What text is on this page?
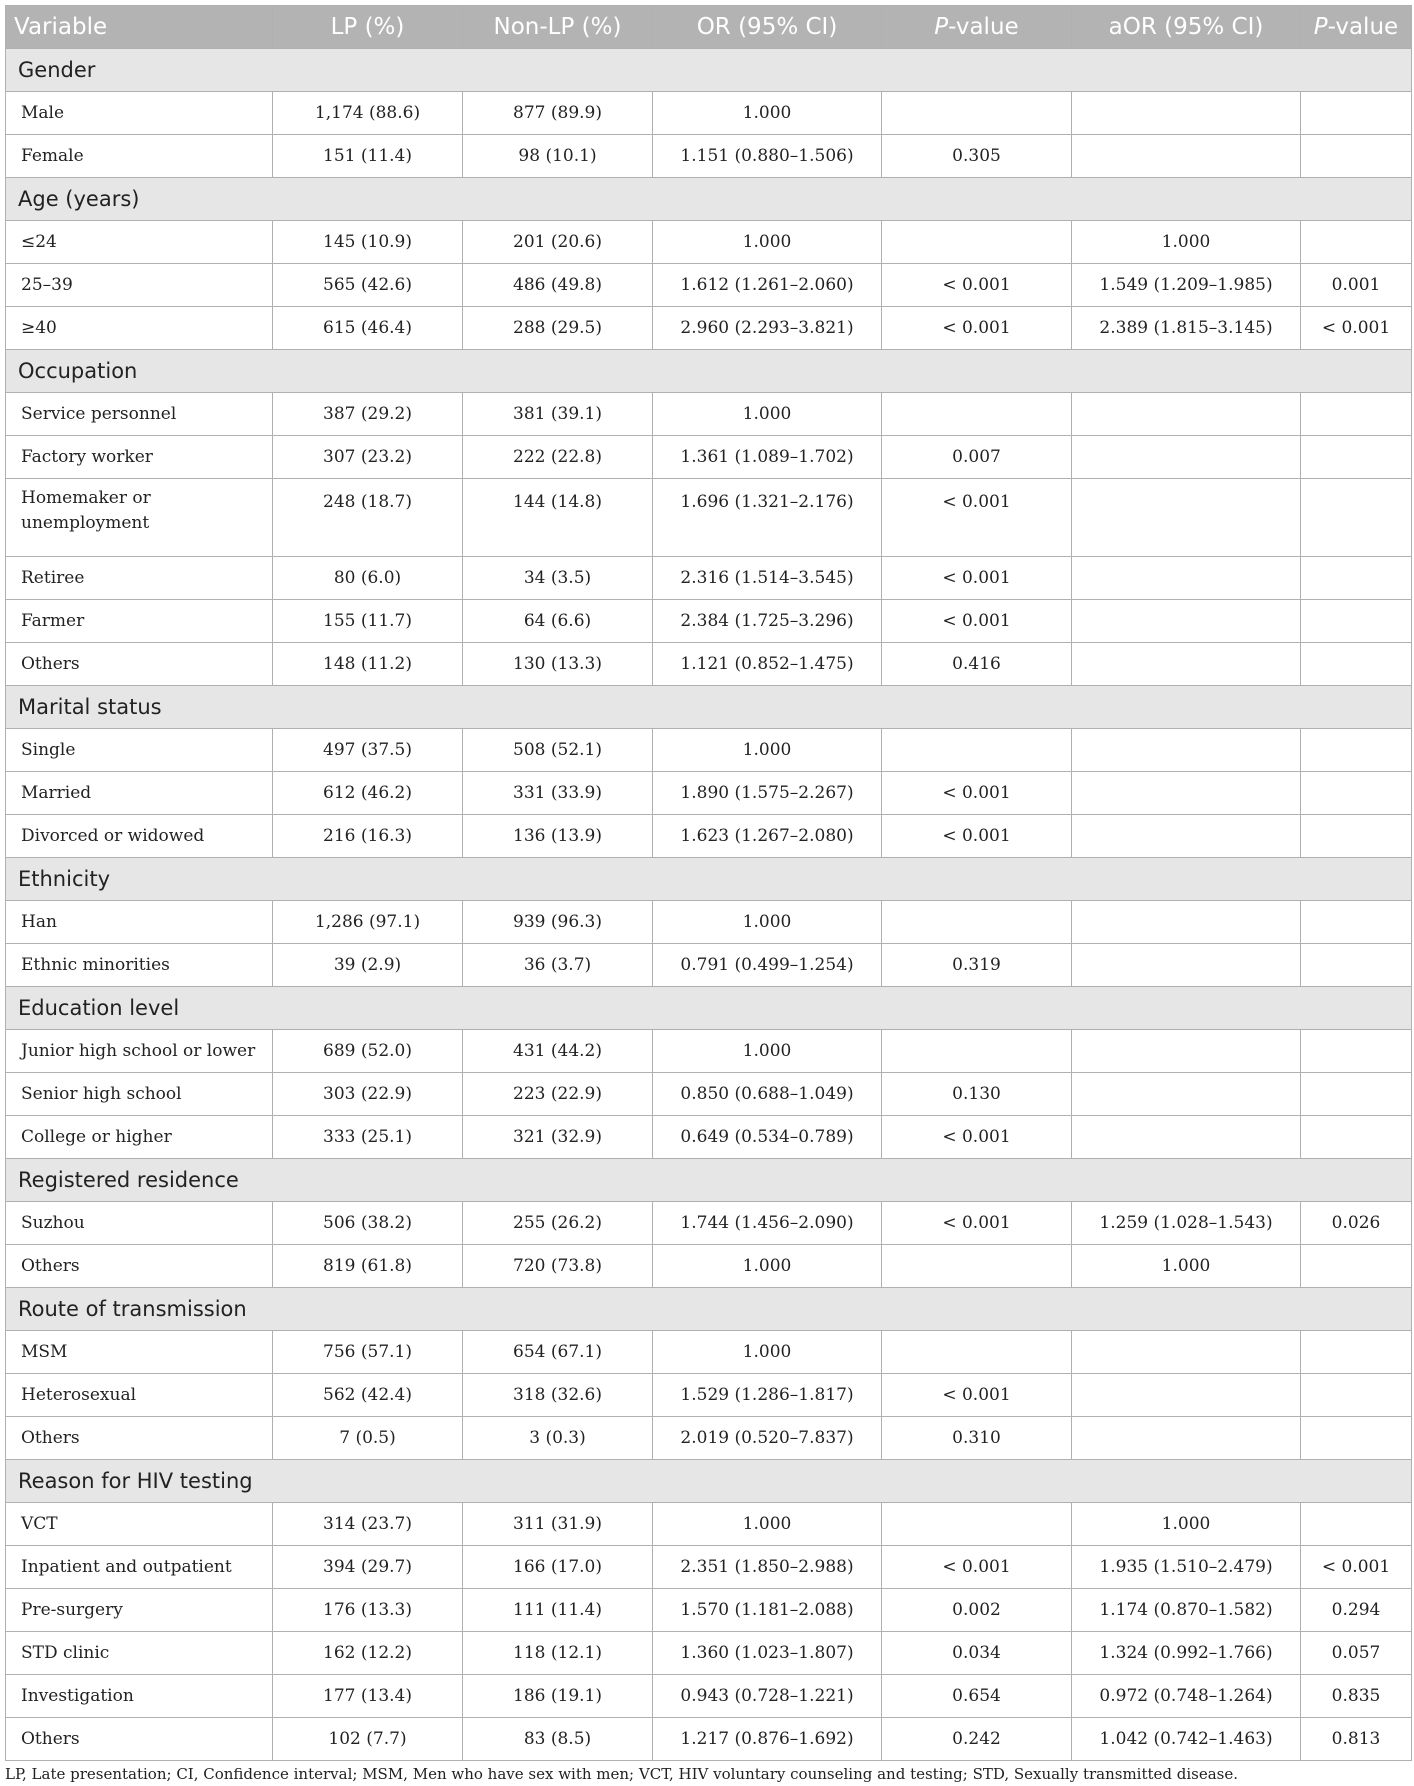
Variable	LP (%)	Non-LP (%)	OR (95% CI)	P-value	aOR (95% CI)	P-value
Gender						
Male	1,174 (88.6)	877 (89.9)	1.000			
Female	151 (11.4)	98 (10.1)	1.151 (0.880–1.506)	0.305		
Age (years)						
≤24	145 (10.9)	201 (20.6)	1.000		1.000	
25–39	565 (42.6)	486 (49.8)	1.612 (1.261–2.060)	< 0.001	1.549 (1.209–1.985)	0.001
≥40	615 (46.4)	288 (29.5)	2.960 (2.293–3.821)	< 0.001	2.389 (1.815–3.145)	< 0.001
Occupation						
Service personnel	387 (29.2)	381 (39.1)	1.000			
Factory worker	307 (23.2)	222 (22.8)	1.361 (1.089–1.702)	0.007		
Homemaker or unemployment	248 (18.7)	144 (14.8)	1.696 (1.321–2.176)	< 0.001		
Retiree	80 (6.0)	34 (3.5)	2.316 (1.514–3.545)	< 0.001		
Farmer	155 (11.7)	64 (6.6)	2.384 (1.725–3.296)	< 0.001		
Others	148 (11.2)	130 (13.3)	1.121 (0.852–1.475)	0.416		
Marital status						
Single	497 (37.5)	508 (52.1)	1.000			
Married	612 (46.2)	331 (33.9)	1.890 (1.575–2.267)	< 0.001		
Divorced or widowed	216 (16.3)	136 (13.9)	1.623 (1.267–2.080)	< 0.001		
Ethnicity						
Han	1,286 (97.1)	939 (96.3)	1.000			
Ethnic minorities	39 (2.9)	36 (3.7)	0.791 (0.499–1.254)	0.319		
Education level						
Junior high school or lower	689 (52.0)	431 (44.2)	1.000			
Senior high school	303 (22.9)	223 (22.9)	0.850 (0.688–1.049)	0.130		
College or higher	333 (25.1)	321 (32.9)	0.649 (0.534–0.789)	< 0.001		
Registered residence						
Suzhou	506 (38.2)	255 (26.2)	1.744 (1.456–2.090)	< 0.001	1.259 (1.028–1.543)	0.026
Others	819 (61.8)	720 (73.8)	1.000		1.000	
Route of transmission						
MSM	756 (57.1)	654 (67.1)	1.000			
Heterosexual	562 (42.4)	318 (32.6)	1.529 (1.286–1.817)	< 0.001		
Others	7 (0.5)	3 (0.3)	2.019 (0.520–7.837)	0.310		
Reason for HIV testing						
VCT	314 (23.7)	311 (31.9)	1.000		1.000	
Inpatient and outpatient	394 (29.7)	166 (17.0)	2.351 (1.850–2.988)	< 0.001	1.935 (1.510–2.479)	< 0.001
Pre-surgery	176 (13.3)	111 (11.4)	1.570 (1.181–2.088)	0.002	1.174 (0.870–1.582)	0.294
STD clinic	162 (12.2)	118 (12.1)	1.360 (1.023–1.807)	0.034	1.324 (0.992–1.766)	0.057
Investigation	177 (13.4)	186 (19.1)	0.943 (0.728–1.221)	0.654	0.972 (0.748–1.264)	0.835
Others	102 (7.7)	83 (8.5)	1.217 (0.876–1.692)	0.242	1.042 (0.742–1.463)	0.813
LP, Late presentation; CI, Confidence interval; MSM, Men who have sex with men; VCT, HIV voluntary counseling and testing; STD, Sexually transmitted disease.
